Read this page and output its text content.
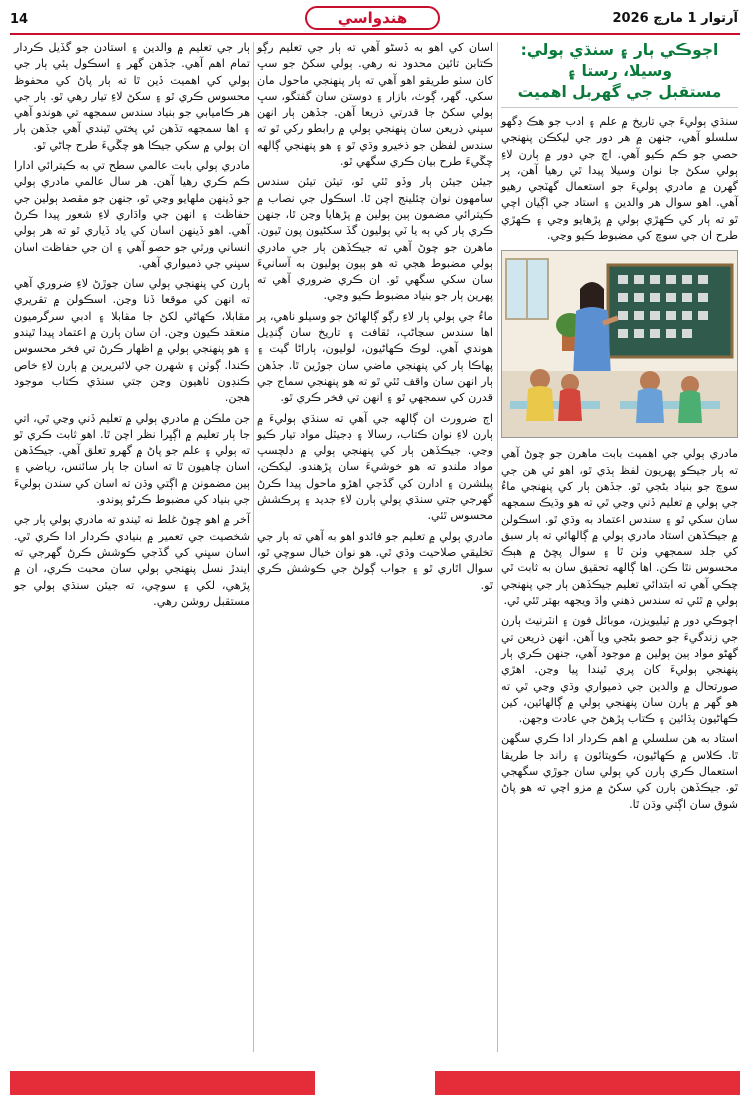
14	هندواسي	آرتوار 1 مارچ 2026
اڄوڪي ٻار ۽ سنڌي ٻولي: وسيلا، رستا ۽
مستقبل جي گهربل اهميت

سنڌي ٻوليءَ جي تاريخ ۾ علم ۽ ادب جو هڪ ڊگهو سلسلو آهي، جنهن ۾ هر دور جي ليکڪن پنهنجي حصي جو ڪم ڪيو آهي. اڄ جي دور ۾ ٻارن لاءِ ٻولي سکڻ جا نوان وسيلا پيدا ٿي رهيا آهن، پر گهرن ۾ مادري ٻوليءَ جو استعمال گهٽجي رهيو آهي. اهو سوال هر والدين ۽ استاد جي اڳيان اچي ٿو ته ٻار کي ڪهڙي ٻولي ۾ پڙهايو وڃي ۽ ڪهڙي طرح ان جي سوچ کي مضبوط ڪيو وڃي.

مادري ٻولي جي اهميت بابت ماهرن جو چوڻ آهي ته ٻار جيڪو پهريون لفظ ٻڌي ٿو، اهو ئي هن جي سوچ جو بنياد بڻجي ٿو. جڏهن ٻار کي پنهنجي ماءُ جي ٻولي ۾ تعليم ڏني وڃي ٿي ته هو وڌيڪ سمجهه سان سکي ٿو ۽ سندس اعتماد به وڌي ٿو. اسڪولن ۾ جيڪڏهن استاد مادري ٻولي ۾ ڳالهائي ته ٻار سبق کي جلد سمجهي وٺن ٿا ۽ سوال پڇڻ ۾ هٻڪ محسوس نٿا ڪن. اها ڳالهه تحقيق سان به ثابت ٿي چڪي آهي ته ابتدائي تعليم جيڪڏهن ٻار جي پنهنجي ٻولي ۾ ٿئي ته سندس ذهني واڌ ويجهه بهتر ٿئي ٿي.

اڄوڪي دور ۾ ٽيليويزن، موبائل فون ۽ انٽرنيٽ ٻارن جي زندگيءَ جو حصو بڻجي ويا آهن. انهن ذريعن تي گهڻو مواد ٻين ٻولين ۾ موجود آهي، جنهن ڪري ٻار پنهنجي ٻوليءَ کان پري ٿيندا پيا وڃن. اهڙي صورتحال ۾ والدين جي ذميواري وڌي وڃي ٿي ته هو گهر ۾ ٻارن سان پنهنجي ٻولي ۾ ڳالهائين، کين ڪهاڻيون ٻڌائين ۽ ڪتاب پڙهڻ جي عادت وجهن.

استاد به هن سلسلي ۾ اهم ڪردار ادا ڪري سگهن ٿا. ڪلاس ۾ ڪهاڻيون، ڪويتائون ۽ راند جا طريقا استعمال ڪري ٻارن کي ٻولي سان جوڙي سگهجي ٿو. جيڪڏهن ٻارن کي سکڻ ۾ مزو اچي ته هو پاڻ شوق سان اڳتي وڌن ٿا.

اسان کي اهو به ڏسڻو آهي ته ٻار جي تعليم رڳو ڪتابن تائين محدود نه رهي. ٻولي سکڻ جو سڀ کان سٺو طريقو اهو آهي ته ٻار پنهنجي ماحول مان سکي. گهر، ڳوٺ، بازار ۽ دوستن سان گفتگو، سڀ ٻولي سکڻ جا قدرتي ذريعا آهن. جڏهن ٻار انهن سڀني ذريعن سان پنهنجي ٻولي ۾ رابطو رکي ٿو ته سندس لفظن جو ذخيرو وڌي ٿو ۽ هو پنهنجي ڳالهه چڱيءَ طرح بيان ڪري سگهي ٿو.

جيئن جيئن ٻار وڏو ٿئي ٿو، تيئن تيئن سندس سامهون نوان چئلينج اچن ٿا. اسڪول جي نصاب ۾ ڪيترائي مضمون ٻين ٻولين ۾ پڙهايا وڃن ٿا، جنهن ڪري ٻار کي ٻه يا ٽي ٻوليون گڏ سکڻيون پون ٿيون. ماهرن جو چوڻ آهي ته جيڪڏهن ٻار جي مادري ٻولي مضبوط هجي ته هو ٻيون ٻوليون به آسانيءَ سان سکي سگهي ٿو. ان ڪري ضروري آهي ته پهرين ٻار جو بنياد مضبوط ڪيو وڃي.

ماءُ جي ٻولي ٻار لاءِ رڳو ڳالهائڻ جو وسيلو ناهي، پر اها سندس سڃاڻپ، ثقافت ۽ تاريخ سان ڳنڍيل هوندي آهي. لوڪ ڪهاڻيون، لوليون، ٻاراڻا گيت ۽ پهاڪا ٻار کي پنهنجي ماضي سان جوڙين ٿا. جڏهن ٻار انهن سان واقف ٿئي ٿو ته هو پنهنجي سماج جي قدرن کي سمجهي ٿو ۽ انهن تي فخر ڪري ٿو.

اڄ ضرورت ان ڳالهه جي آهي ته سنڌي ٻوليءَ ۾ ٻارن لاءِ نوان ڪتاب، رسالا ۽ ڊجيٽل مواد تيار ڪيو وڃي. جيڪڏهن ٻار کي پنهنجي ٻولي ۾ دلچسپ مواد ملندو ته هو خوشيءَ سان پڙهندو. ليکڪن، پبلشرن ۽ ادارن کي گڏجي اهڙو ماحول پيدا ڪرڻ گهرجي جتي سنڌي ٻولي ٻارن لاءِ جديد ۽ پرڪشش محسوس ٿئي.

مادري ٻولي ۾ تعليم جو فائدو اهو به آهي ته ٻار جي تخليقي صلاحيت وڌي ٿي. هو نوان خيال سوچي ٿو، سوال اٿاري ٿو ۽ جواب ڳولڻ جي ڪوشش ڪري ٿو.

ٻار جي تعليم ۾ والدين ۽ استادن جو گڏيل ڪردار تمام اهم آهي. جڏهن گهر ۽ اسڪول ٻئي ٻار جي ٻولي کي اهميت ڏين ٿا ته ٻار پاڻ کي محفوظ محسوس ڪري ٿو ۽ سکڻ لاءِ تيار رهي ٿو. ٻار جي هر ڪاميابي جو بنياد سندس سمجهه تي هوندو آهي ۽ اها سمجهه تڏهن ئي پختي ٿيندي آهي جڏهن ٻار ان ٻولي ۾ سکي جيڪا هو چڱيءَ طرح ڄاڻي ٿو.

مادري ٻولي بابت عالمي سطح تي به ڪيترائي ادارا ڪم ڪري رهيا آهن. هر سال عالمي مادري ٻولي جو ڏينهن ملهايو وڃي ٿو، جنهن جو مقصد ٻولين جي حفاظت ۽ انهن جي واڌاري لاءِ شعور پيدا ڪرڻ آهي. اهو ڏينهن اسان کي ياد ڏياري ٿو ته هر ٻولي انساني ورثي جو حصو آهي ۽ ان جي حفاظت اسان سڀني جي ذميواري آهي.

ٻارن کي پنهنجي ٻولي سان جوڙڻ لاءِ ضروري آهي ته انهن کي موقعا ڏنا وڃن. اسڪولن ۾ تقريري مقابلا، ڪهاڻي لکڻ جا مقابلا ۽ ادبي سرگرميون منعقد ڪيون وڃن. ان سان ٻارن ۾ اعتماد پيدا ٿيندو ۽ هو پنهنجي ٻولي ۾ اظهار ڪرڻ تي فخر محسوس ڪندا. ڳوٺن ۽ شهرن جي لائبريرين ۾ ٻارن لاءِ خاص ڪنڊون ٺاهيون وڃن جتي سنڌي ڪتاب موجود هجن.

جن ملڪن ۾ مادري ٻولي ۾ تعليم ڏني وڃي ٿي، اتي جا ٻار تعليم ۾ اڳڀرا نظر اچن ٿا. اهو ثابت ڪري ٿو ته ٻولي ۽ علم جو پاڻ ۾ گهرو تعلق آهي. جيڪڏهن اسان چاهيون ٿا ته اسان جا ٻار سائنس، رياضي ۽ ٻين مضمونن ۾ اڳتي وڌن ته اسان کي سندن ٻوليءَ جي بنياد کي مضبوط ڪرڻو پوندو.

آخر ۾ اهو چوڻ غلط نه ٿيندو ته مادري ٻولي ٻار جي شخصيت جي تعمير ۾ بنيادي ڪردار ادا ڪري ٿي. اسان سڀني کي گڏجي ڪوشش ڪرڻ گهرجي ته ايندڙ نسل پنهنجي ٻولي سان محبت ڪري، ان ۾ پڙهي، لکي ۽ سوچي، ته جيئن سنڌي ٻولي جو مستقبل روشن رهي.
